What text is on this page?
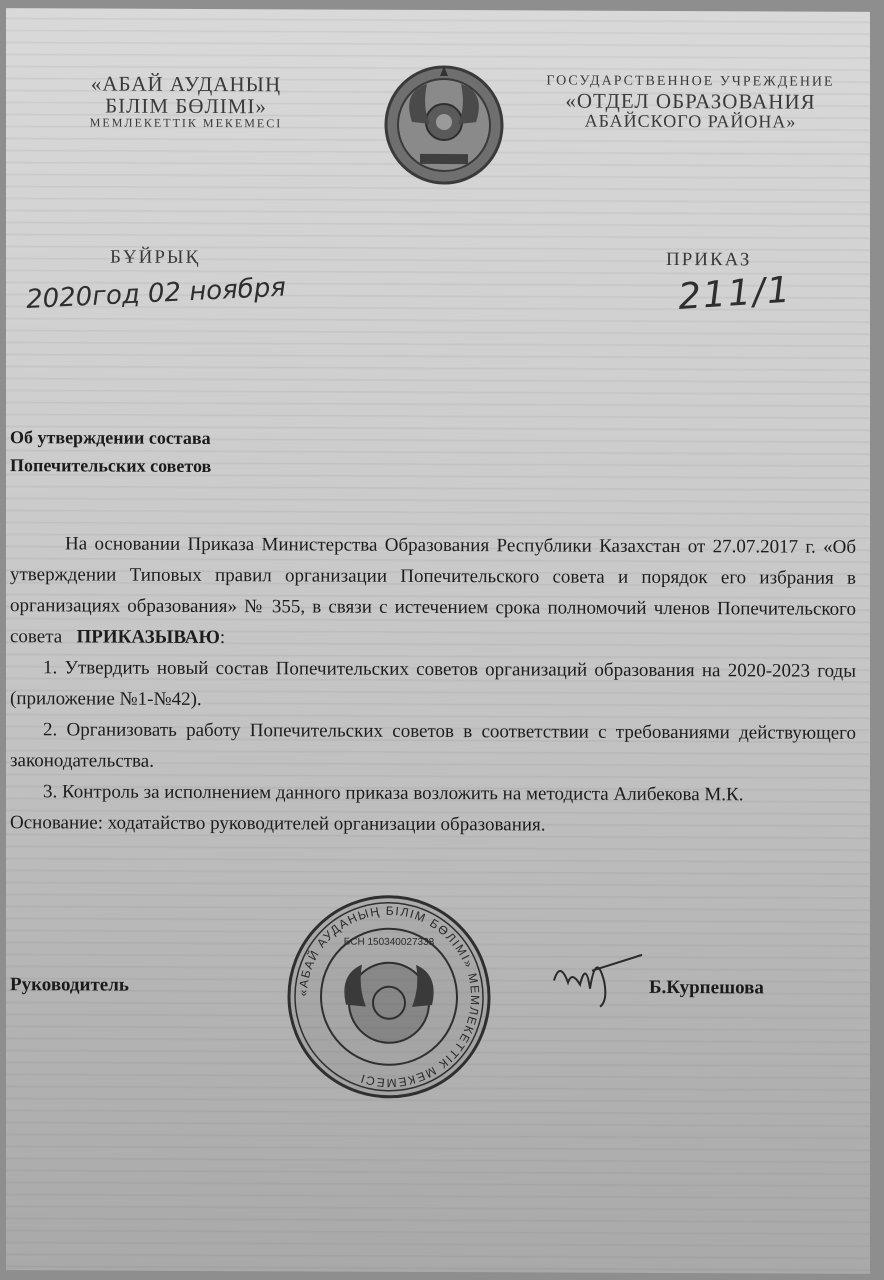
«АБАЙ АУДАНЫҢ
БІЛІМ БӨЛІМІ»
МЕМЛЕКЕТТІК МЕКЕМЕСІ
ГОСУДАРСТВЕННОЕ УЧРЕЖДЕНИЕ
«ОТДЕЛ ОБРАЗОВАНИЯ
АБАЙСКОГО РАЙОНА»
БҰЙРЫҚ	ПРИКАЗ
2020год 02 ноября	211/1
Об утверждении состава
Попечительских советов

На основании Приказа Министерства Образования Республики Казахстан от 27.07.2017 г. «Об утверждении Типовых правил организации Попечительского совета и порядок его избрания в организациях образования» № 355, в связи с истечением срока полномочий членов Попечительского совета ПРИКАЗЫВАЮ:

1. Утвердить новый состав Попечительских советов организаций образования на 2020-2023 годы (приложение №1-№42).

2. Организовать работу Попечительских советов в соответствии с требованиями действующего законодательства.

3. Контроль за исполнением данного приказа возложить на методиста Алибекова М.К.

Основание: ходатайство руководителей организации образования.

«АБАЙ АУДАНЫҢ БІЛІМ БӨЛІМІ» МЕМЛЕКЕТТІК МЕКЕМЕСІ
БСН 150340027338
Руководитель	Б.Курпешова
